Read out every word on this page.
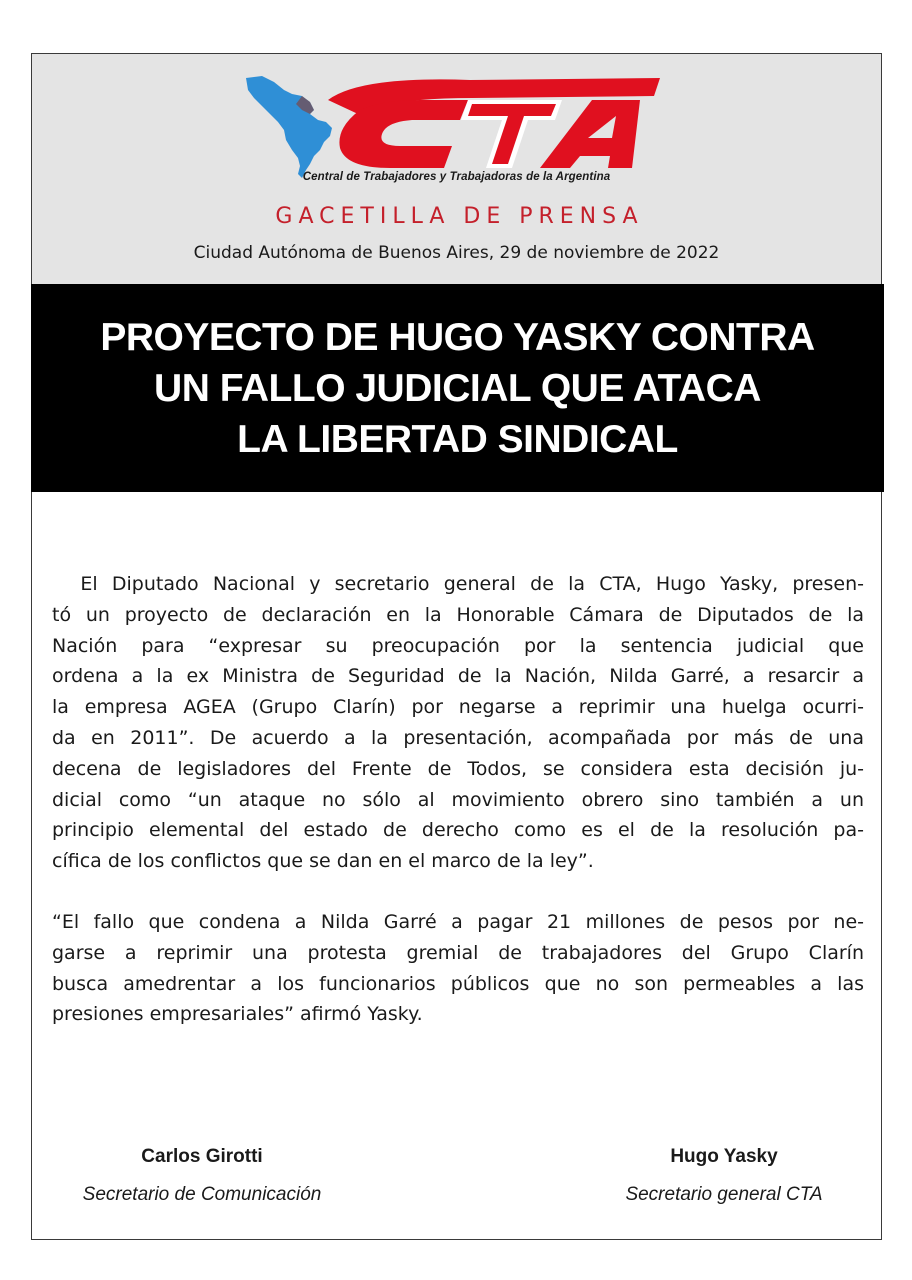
Central de Trabajadores y Trabajadoras de la Argentina
GACETILLA DE PRENSA
Ciudad Autónoma de Buenos Aires, 29 de noviembre de 2022
PROYECTO DE HUGO YASKY CONTRA
UN FALLO JUDICIAL QUE ATACA
LA LIBERTAD SINDICAL
El Diputado Nacional y secretario general de la CTA, Hugo Yasky, presen-
tó un proyecto de declaración en la Honorable Cámara de Diputados de la
Nación para “expresar su preocupación por la sentencia judicial que
ordena a la ex Ministra de Seguridad de la Nación, Nilda Garré, a resarcir a
la empresa AGEA (Grupo Clarín) por negarse a reprimir una huelga ocurri-
da en 2011”. De acuerdo a la presentación, acompañada por más de una
decena de legisladores del Frente de Todos, se considera esta decisión ju-
dicial como “un ataque no sólo al movimiento obrero sino también a un
principio elemental del estado de derecho como es el de la resolución pa-
cífica de los conflictos que se dan en el marco de la ley”.
“El fallo que condena a Nilda Garré a pagar 21 millones de pesos por ne-
garse a reprimir una protesta gremial de trabajadores del Grupo Clarín
busca amedrentar a los funcionarios públicos que no son permeables a las
presiones empresariales” afirmó Yasky.
Carlos Girotti
Secretario de Comunicación
Hugo Yasky
Secretario general CTA
